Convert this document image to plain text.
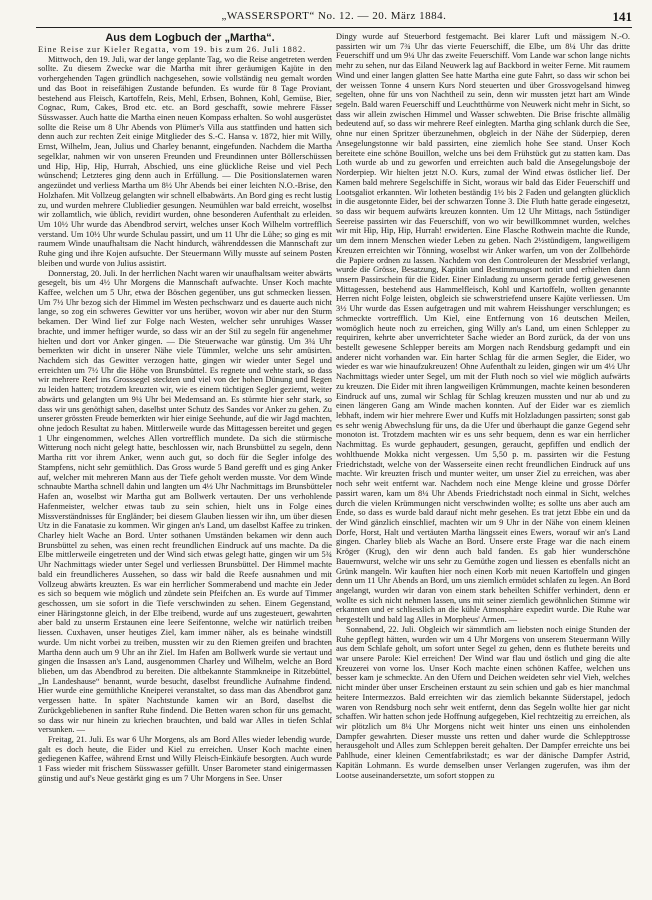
„WASSERSPORT“ No. 12. — 20. März 1884.	141

Aus dem Logbuch der „Martha“.

Eine Reise zur Kieler Regatta, vom 19. bis zum 26. Juli 1882.

Mittwoch, den 19. Juli, war der lange geplante Tag, wo die Reise angetreten werden sollte. Zu diesem Zwecke war die Martha mit ihrer geräumigen Kajüte in den vorhergehenden Tagen gründlich nachgesehen, sowie vollständig neu gemalt worden und das Boot in reisefähigen Zustande befunden. Es wurde für 8 Tage Proviant, bestehend aus Fleisch, Kartoffeln, Reis, Mehl, Erbsen, Bohnen, Kohl, Gemüse, Bier, Cognac, Rum, Cakes, Brod etc. etc. an Bord geschafft, sowie mehrere Fässer Süsswasser. Auch hatte die Martha einen neuen Kompass erhalten. So wohl ausgerüstet sollte die Reise um 8 Uhr Abends von Plümer's Villa aus stattfinden und hatten sich denn auch zur rechten Zeit einige Mitglieder des S.-C. Hansa v. 1872, hier mit Willy, Ernst, Wilhelm, Jean, Julius und Charley benannt, eingefunden. Nachdem die Martha segelklar, nahmen wir von unseren Freunden und Freundinnen unter Böllerschüssen und Hip, Hip, Hip, Hurrah, Abschied, uns eine glückliche Reise und viel Pech wünschend; Letzteres ging denn auch in Erfüllung. — Die Positionslaternen waren angezündet und verliess Martha um 8½ Uhr Abends bei einer leichten N.O.-Brise, den Holzhafen. Mit Vollzeug gelangten wir schnell elbabwärts. An Bord ging es recht lustig zu, und wurden mehrere Clubliedier gesungen. Neumühlen war bald erreicht, woselbst wir zollamtlich, wie üblich, revidirt wurden, ohne besonderen Aufenthalt zu erleiden. Um 10½ Uhr wurde das Abendbrod servirt, welches unser Koch Wilhelm vortrefflich verstand. Um 10½ Uhr wurde Schulau passirt, und um 11 Uhr die Lühe; so ging es mit raumem Winde unaufhaltsam die Nacht hindurch, währenddessen die Mannschaft zur Ruhe ging und ihre Kojen aufsuchte. Der Steuermann Willy musste auf seinem Posten bleiben und wurde von Julius assistirt.

Donnerstag, 20. Juli. In der herrlichen Nacht waren wir unaufhaltsam weiter abwärts gesegelt, bis um 4½ Uhr Morgens die Mannschaft aufwachte. Unser Koch machte Kaffee, welchen um 5 Uhr, etwa der Böschen gegenüber, uns gut schmecken liessen. Um 7½ Uhr bezog sich der Himmel im Westen pechschwarz und es dauerte auch nicht lange, so zog ein schweres Gewitter vor uns herüber, wovon wir aber nur den Sturm bekamen. Der Wind lief zur Folge nach Westen, welcher sehr unruhiges Wasser brachte, und immer heftiger wurde, so dass wir an der Stil zu segeln für angenehmer hielten und dort vor Anker gingen. — Die Steuerwache war günstig. Um 3¼ Uhr bemerkten wir dicht in unserer Nähe viele Tümmler, welche uns sehr amüsirten. Nachdem sich das Gewitter verzogen hatte, gingen wir wieder unter Segel und erreichten um 7½ Uhr die Höhe von Brunsbüttel. Es regnete und wehte stark, so dass wir mehrere Reef ins Grosssegel steckten und viel von der hohen Dünung und Regen zu leiden hatten; trotzdem kreuzten wir, wie es einem tüchtigen Segler geziemt, weiter abwärts und gelangten um 9¼ Uhr bei Medemsand an. Es stürmte hier sehr stark, so dass wir uns genöthigt sahen, daselbst unter Schutz des Sandes vor Anker zu gehen. Zu unserer grössten Freude bemerkten wir hier einige Seehunde, auf die wir Jagd machten, ohne jedoch Resultat zu haben. Mittlerweile wurde das Mittagessen bereitet und gegen 1 Uhr eingenommen, welches Allen vortrefflich mundete. Da sich die stürmische Witterung noch nicht gelegt hatte, beschlossen wir, nach Brunsbüttel zu segeln, denn Martha ritt vor ihrem Anker, wenn auch gut, so doch für die Segler infolge des Stampfens, nicht sehr gemüthlich. Das Gross wurde 5 Band gerefft und es ging Anker auf, welcher mit mehreren Mann aus der Tiefe geholt werden musste. Vor dem Winde schnaubte Martha schnell dahin und langten um 4½ Uhr Nachmittags im Brunsbütteler Hafen an, woselbst wir Martha gut am Bollwerk vertauten. Der uns verhohlende Hafenmeister, welcher etwas taub zu sein schien, hielt uns in Folge eines Missverständnisses für Engländer; bei diesem Glauben liessen wir ihn, um über diesen Utz in die Fanatasie zu kommen. Wir gingen an's Land, um daselbst Kaffee zu trinken. Charley hielt Wache an Bord. Unter sothanen Umständen bekamen wir denn auch Brunsbüttel zu sehen, was einen recht freundlichen Eindruck auf uns machte. Da die Elbe mittlerweile eingetreten und der Wind sich etwas gelegt hatte, gingen wir um 5¾ Uhr Nachmittags wieder unter Segel und verliessen Brunsbüttel. Der Himmel machte bald ein freundlicheres Aussehen, so dass wir bald die Reefe ausnahmen und mit Vollzeug abwärts kreuzten. Es war ein herrlicher Sommerabend und machte ein Jeder es sich so bequem wie möglich und zündete sein Pfeifchen an. Es wurde auf Timmer geschossen, um sie sofort in die Tiefe verschwinden zu sehen. Einem Gegenstand, einer Häringstonne gleich, in der Elbe treibend, wurde auf uns zugesteuert, gewahrten aber bald zu unserm Erstaunen eine leere Seifentonne, welche wir natürlich treiben liessen. Cuxhaven, unser heutiges Ziel, kam immer näher, als es beinahe windstill wurde. Um nicht vorbei zu treiben, mussten wir zu den Riemen greifen und brachten Martha denn auch um 9 Uhr an ihr Ziel. Im Hafen am Bollwerk wurde sie vertaut und gingen die Insassen an's Land, ausgenommen Charley und Wilhelm, welche an Bord blieben, um das Abendbrod zu bereiten. Die altbekannte Stammkneipe in Ritzebüttel, „In Landeshause“ benannt, wurde besucht, daselbst freundliche Aufnahme findend. Hier wurde eine gemüthliche Kneiperei veranstaltet, so dass man das Abendbrot ganz vergessen hatte. In später Nachtstunde kamen wir an Bord, daselbst die Zurückgebliebenen in sanfter Ruhe findend. Die Betten waren schon für uns gemacht, so dass wir nur hinein zu kriechen brauchten, und bald war Alles in tiefen Schlaf versunken. —

Freitag, 21. Juli. Es war 6 Uhr Morgens, als am Bord Alles wieder lebendig wurde, galt es doch heute, die Eider und Kiel zu erreichen. Unser Koch machte einen gediegenen Kaffee, während Ernst und Willy Fleisch-Einkäufe besorgten. Auch wurde 1 Fass wieder mit frischem Süsswasser gefüllt. Unser Barometer stand einigermassen günstig und auf's Neue gestärkt ging es um 7 Uhr Morgens in See. Unser

Dingy wurde auf Steuerbord festgemacht. Bei klarer Luft und mässigem N.-O. passirten wir um 7¾ Uhr das vierte Feuerschiff, die Elbe, um 8¼ Uhr das dritte Feuerschiff und um 9¼ Uhr das zweite Feuerschiff. Vom Lande war schon lange nichts mehr zu sehen, nur das Eiland Neuwerk lag auf Backbord in weiter Ferne. Mit raumem Wind und einer langen glatten See hatte Martha eine gute Fahrt, so dass wir schon bei der weissen Tonne 4 unsern Kurs Nord steuerten und über Grossvogelsand hinweg segelten, ohne für uns von Nachtheil zu sein, denn wir mussten jetzt hart am Winde segeln. Bald waren Feuerschiff und Leuchtthürme von Neuwerk nicht mehr in Sicht, so dass wir allein zwischen Himmel und Wasser schwebten. Die Brise frischte allmälig bedeutend auf, so dass wir mehrere Reef einlegten. Martha ging schlank durch die See, ohne nur einen Spritzer überzunehmen, obgleich in der Nähe der Süderpiep, deren Ansegelungstonne wir bald passirten, eine ziemlich hohe See stand. Unser Koch bereitete eine schöne Bouillon, welche uns bei dem Frühstück gut zu statten kam. Das Loth wurde ab und zu geworfen und erreichten auch bald die Ansegelungsboje der Norderpiep. Wir hielten jetzt N.O. Kurs, zumal der Wind etwas östlicher lief. Der Kamen bald mehrere Segelschiffe in Sicht, woraus wir bald das Eider Feuerschiff und Lootsgaliot erkannten. Wir lotheten beständig 1½ bis 2 Faden und gelangten glücklich in die ausgetonnte Eider, bei der schwarzen Tonne 3. Die Fluth hatte gerade eingesetzt, so dass wir bequem aufwärts kreuzen konnten. Um 12 Uhr Mittags, nach 5stündiger Seereise passirten wir das Feuerschiff, von wo wir bewillkommnet wurden, welches wir mit Hip, Hip, Hip, Hurrah! erwiderten. Eine Flasche Rothwein machte die Runde, um dem innern Menschen wieder Leben zu geben. Nach 2½stündigem, langweiligem Kreuzen erreichten wir Tönning, woselbst wir Anker warfen, um von der Zollbehörde die Papiere ordnen zu lassen. Nachdem von den Controleuren der Messbrief verlangt, wurde die Grösse, Besatzung, Kapitän und Bestimmungsort notirt und erhielten dann unsern Passirschein für die Eider. Einer Einladung zu unserm gerade fertig gewesenen Mittagessen, bestehend aus Hammelfleisch, Kohl und Kartoffeln, wollten genannte Herren nicht Folge leisten, obgleich sie schwerstriefend unsere Kajüte verliessen. Um 3½ Uhr wurde das Essen aufgetragen und mit wahrem Heisshunger verschlungen; es schmeckte vortrefflich. Um Kiel, eine Entfernung von 16 deutschen Meilen, womöglich heute noch zu erreichen, ging Willy an's Land, um einen Schlepper zu requiriren, kehrte aber unverrichteter Sache wieder an Bord zurück, da der von uns bestellt gewesene Schlepper bereits am Morgen nach Rendsburg gedampft und ein anderer nicht vorhanden war. Ein harter Schlag für die armen Segler, die Eider, wo wieder es war wie hinaufzukreuzen! Ohne Aufenthalt zu leiden, gingen wir um 4½ Uhr Nachmittags wieder unter Segel, um mit der Fluth noch so viel wie möglich aufwärts zu kreuzen. Die Eider mit ihren langweiligen Krümmungen, machte keinen besonderen Eindruck auf uns, zumal wir Schlag für Schlag kreuzen mussten und nur ab und zu einen längeren Gang am Winde machen konnten. Auf der Eider war es ziemlich lebhaft, indem wir hier mehrere Ewer und Kuffs mit Holzladungen passirten; sonst gab es sehr wenig Abwechslung für uns, da die Ufer und überhaupt die ganze Gegend sehr monoton ist. Trotzdem machten wir es uns sehr bequem, denn es war ein herrlicher Nachmittag. Es wurde gephaudert, gesungen, geraucht, gepfiffen und endlich der wohlthuende Mokka nicht vergessen. Um 5,50 p. m. passirten wir die Festung Friedrichstadt, welche von der Wasserseite einen recht freundlichen Eindruck auf uns machte. Wir kreuzten frisch und munter weiter, um unser Ziel zu erreichen, was aber noch sehr weit entfernt war. Nachdem noch eine Menge kleine und grosse Dörfer passirt waren, kam um 8¼ Uhr Abends Friedrichstadt noch einmal in Sicht, welches durch die vielen Krümmungen nicht verschwinden wollte; es sollte uns aber auch am Ende, so dass es wurde bald darauf nicht mehr gesehen. Es trat jetzt Ebbe ein und da der Wind gänzlich einschlief, machten wir um 9 Uhr in der Nähe von einem kleinen Dorfe, Horst, Halt und vertäuten Martha längsseit eines Ewers, worauf wir an's Land gingen. Charley blieb als Wache an Bord. Unsere erste Frage war die nach einem Kröger (Krug), den wir denn auch bald fanden. Es gab hier wunderschöne Bauernwurst, welche wir uns sehr zu Gemüthe zogen und liessen es ebenfalls nicht an Grünk mangeln. Wir kauften hier noch einen Korb mit neuen Kartoffeln und gingen denn um 11 Uhr Abends an Bord, um uns ziemlich ermüdet schlafen zu legen. An Bord angelangt, wurden wir daran von einem stark beheilten Schiffer verhindert, denn er wollte es sich nicht nehmen lassen, uns mit seiner ziemlich gewöhnlichen Stimme wir erkannten und er schliesslich an die kühle Atmosphäre expedirt wurde. Die Ruhe war hergestellt und bald lag Alles in Morpheus' Armen. —

Sonnabend, 22. Juli. Obgleich wir sämmtlich am liebsten noch einige Stunden der Ruhe gepflegt hätten, wurden wir um 4 Uhr Morgens von unserem Steuermann Willy aus dem Schlafe geholt, um sofort unter Segel zu gehen, denn es fluthete bereits und war unsere Parole: Kiel erreichen! Der Wind war flau und östlich und ging die alte Kreuzerei von vorne los. Unser Koch machte einen schönen Kaffee, welchen uns besser kam je schmeckte. An den Ufern und Deichen weideten sehr viel Vieh, welches nicht minder über unser Erscheinen erstaunt zu sein schien und gab es hier manchmal heitere Intermezzos. Bald erreichten wir das ziemlich bekannte Süderstapel, jedoch waren von Rendsburg noch sehr weit entfernt, denn das Segeln wollte hier gar nicht schaffen. Wir hatten schon jede Hoffnung aufgegeben, Kiel rechtzeitig zu erreichen, als wir plötzlich um 8¼ Uhr Morgens nicht weit hinter uns einen uns einholenden Dampfer gewahrten. Dieser musste uns retten und daher wurde die Schlepptrosse herausgeholt und Alles zum Schleppen bereit gehalten. Der Dampfer erreichte uns bei Pahlhude, einer kleinen Cementfabrikstadt; es war der dänische Dampfer Astrid, Kapitän Lohmann. Es wurde demselben unser Verlangen zugerufen, was ihm der Lootse auseinandersetzte, um sofort stoppen zu
